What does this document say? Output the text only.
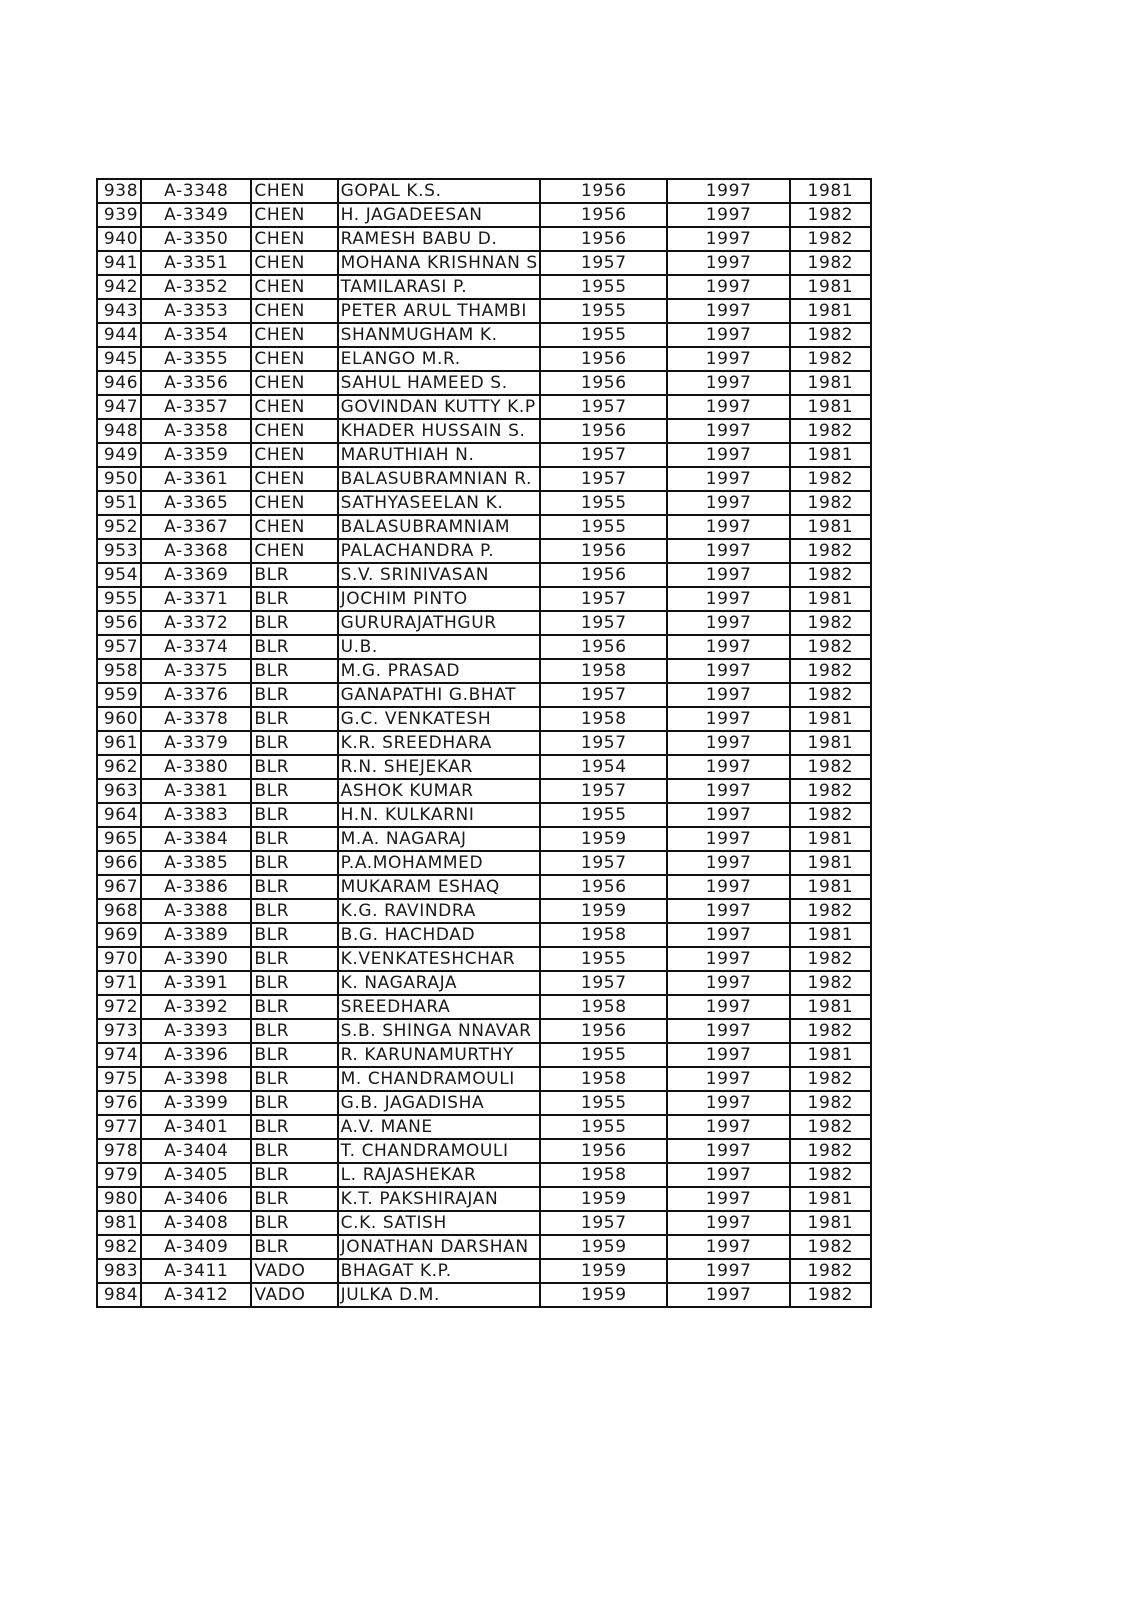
938	A-3348	CHEN	GOPAL K.S.	1956	1997	1981
939	A-3349	CHEN	H. JAGADEESAN	1956	1997	1982
940	A-3350	CHEN	RAMESH BABU D.	1956	1997	1982
941	A-3351	CHEN	MOHANA KRISHNAN S	1957	1997	1982
942	A-3352	CHEN	TAMILARASI P.	1955	1997	1981
943	A-3353	CHEN	PETER ARUL THAMBI	1955	1997	1981
944	A-3354	CHEN	SHANMUGHAM K.	1955	1997	1982
945	A-3355	CHEN	ELANGO M.R.	1956	1997	1982
946	A-3356	CHEN	SAHUL HAMEED S.	1956	1997	1981
947	A-3357	CHEN	GOVINDAN KUTTY K.P	1957	1997	1981
948	A-3358	CHEN	KHADER HUSSAIN S.	1956	1997	1982
949	A-3359	CHEN	MARUTHIAH N.	1957	1997	1981
950	A-3361	CHEN	BALASUBRAMNIAN R.	1957	1997	1982
951	A-3365	CHEN	SATHYASEELAN K.	1955	1997	1982
952	A-3367	CHEN	BALASUBRAMNIAM	1955	1997	1981
953	A-3368	CHEN	PALACHANDRA P.	1956	1997	1982
954	A-3369	BLR	S.V. SRINIVASAN	1956	1997	1982
955	A-3371	BLR	JOCHIM PINTO	1957	1997	1981
956	A-3372	BLR	GURURAJATHGUR	1957	1997	1982
957	A-3374	BLR	U.B.	1956	1997	1982
958	A-3375	BLR	M.G. PRASAD	1958	1997	1982
959	A-3376	BLR	GANAPATHI G.BHAT	1957	1997	1982
960	A-3378	BLR	G.C. VENKATESH	1958	1997	1981
961	A-3379	BLR	K.R. SREEDHARA	1957	1997	1981
962	A-3380	BLR	R.N. SHEJEKAR	1954	1997	1982
963	A-3381	BLR	ASHOK KUMAR	1957	1997	1982
964	A-3383	BLR	H.N. KULKARNI	1955	1997	1982
965	A-3384	BLR	M.A. NAGARAJ	1959	1997	1981
966	A-3385	BLR	P.A.MOHAMMED	1957	1997	1981
967	A-3386	BLR	MUKARAM ESHAQ	1956	1997	1981
968	A-3388	BLR	K.G. RAVINDRA	1959	1997	1982
969	A-3389	BLR	B.G. HACHDAD	1958	1997	1981
970	A-3390	BLR	K.VENKATESHCHAR	1955	1997	1982
971	A-3391	BLR	K. NAGARAJA	1957	1997	1982
972	A-3392	BLR	SREEDHARA	1958	1997	1981
973	A-3393	BLR	S.B. SHINGA NNAVAR	1956	1997	1982
974	A-3396	BLR	R. KARUNAMURTHY	1955	1997	1981
975	A-3398	BLR	M. CHANDRAMOULI	1958	1997	1982
976	A-3399	BLR	G.B. JAGADISHA	1955	1997	1982
977	A-3401	BLR	A.V. MANE	1955	1997	1982
978	A-3404	BLR	T. CHANDRAMOULI	1956	1997	1982
979	A-3405	BLR	L. RAJASHEKAR	1958	1997	1982
980	A-3406	BLR	K.T. PAKSHIRAJAN	1959	1997	1981
981	A-3408	BLR	C.K. SATISH	1957	1997	1981
982	A-3409	BLR	JONATHAN DARSHAN	1959	1997	1982
983	A-3411	VADO	BHAGAT K.P.	1959	1997	1982
984	A-3412	VADO	JULKA D.M.	1959	1997	1982
